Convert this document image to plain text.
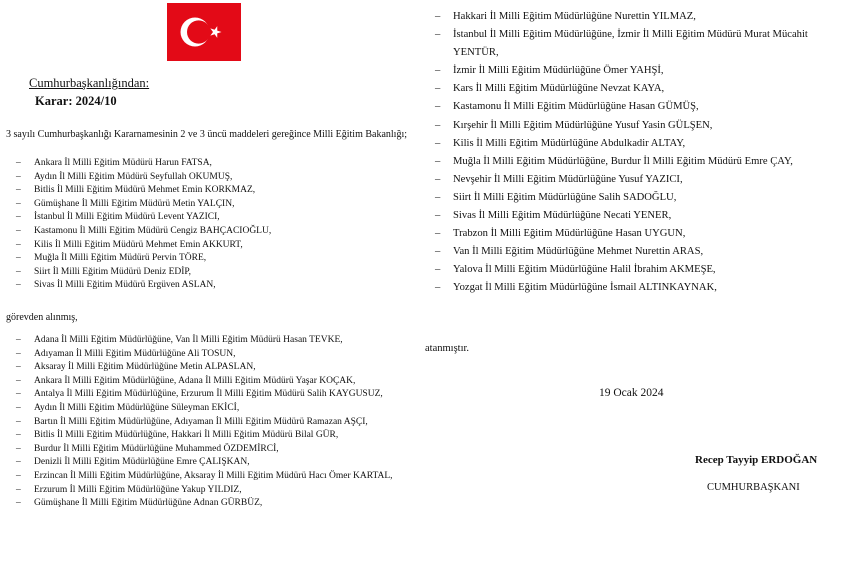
Cumhurbaşkanlığından:
Karar: 2024/10

3 sayılı Cumhurbaşkanlığı Kararnamesinin 2 ve 3 üncü maddeleri gereğince Milli Eğitim Bakanlığı;

– Ankara İl Milli Eğitim Müdürü Harun FATSA,
– Aydın İl Milli Eğitim Müdürü Seyfullah OKUMUŞ,
– Bitlis İl Milli Eğitim Müdürü Mehmet Emin KORKMAZ,
– Gümüşhane İl Milli Eğitim Müdürü Metin YALÇIN,
– İstanbul İl Milli Eğitim Müdürü Levent YAZICI,
– Kastamonu İl Milli Eğitim Müdürü Cengiz BAHÇACIOĞLU,
– Kilis İl Milli Eğitim Müdürü Mehmet Emin AKKURT,
– Muğla İl Milli Eğitim Müdürü Pervin TÖRE,
– Siirt İl Milli Eğitim Müdürü Deniz EDİP,
– Sivas İl Milli Eğitim Müdürü Ergüven ASLAN,

görevden alınmış,

– Adana İl Milli Eğitim Müdürlüğüne, Van İl Milli Eğitim Müdürü Hasan TEVKE,
– Adıyaman İl Milli Eğitim Müdürlüğüne Ali TOSUN,
– Aksaray İl Milli Eğitim Müdürlüğüne Metin ALPASLAN,
– Ankara İl Milli Eğitim Müdürlüğüne, Adana İl Milli Eğitim Müdürü Yaşar KOÇAK,
– Antalya İl Milli Eğitim Müdürlüğüne, Erzurum İl Milli Eğitim Müdürü Salih KAYGUSUZ,
– Aydın İl Milli Eğitim Müdürlüğüne Süleyman EKİCİ,
– Bartın İl Milli Eğitim Müdürlüğüne, Adıyaman İl Milli Eğitim Müdürü Ramazan AŞÇI,
– Bitlis İl Milli Eğitim Müdürlüğüne, Hakkari İl Milli Eğitim Müdürü Bilal GÜR,
– Burdur İl Milli Eğitim Müdürlüğüne Muhammed ÖZDEMİRCİ,
– Denizli İl Milli Eğitim Müdürlüğüne Emre ÇALIŞKAN,
– Erzincan İl Milli Eğitim Müdürlüğüne, Aksaray İl Milli Eğitim Müdürü Hacı Ömer KARTAL,
– Erzurum İl Milli Eğitim Müdürlüğüne Yakup YILDIZ,
– Gümüşhane İl Milli Eğitim Müdürlüğüne Adnan GÜRBÜZ,
– Hakkari İl Milli Eğitim Müdürlüğüne Nurettin YILMAZ,
– İstanbul İl Milli Eğitim Müdürlüğüne, İzmir İl Milli Eğitim Müdürü Murat Mücahit YENTÜR,
– İzmir İl Milli Eğitim Müdürlüğüne Ömer YAHŞİ,
– Kars İl Milli Eğitim Müdürlüğüne Nevzat KAYA,
– Kastamonu İl Milli Eğitim Müdürlüğüne Hasan GÜMÜŞ,
– Kırşehir İl Milli Eğitim Müdürlüğüne Yusuf Yasin GÜLŞEN,
– Kilis İl Milli Eğitim Müdürlüğüne Abdulkadir ALTAY,
– Muğla İl Milli Eğitim Müdürlüğüne, Burdur İl Milli Eğitim Müdürü Emre ÇAY,
– Nevşehir İl Milli Eğitim Müdürlüğüne Yusuf YAZICI,
– Siirt İl Milli Eğitim Müdürlüğüne Salih SADOĞLU,
– Sivas İl Milli Eğitim Müdürlüğüne Necati YENER,
– Trabzon İl Milli Eğitim Müdürlüğüne Hasan UYGUN,
– Van İl Milli Eğitim Müdürlüğüne Mehmet Nurettin ARAS,
– Yalova İl Milli Eğitim Müdürlüğüne Halil İbrahim AKMEŞE,
– Yozgat İl Milli Eğitim Müdürlüğüne İsmail ALTINKAYNAK,

atanmıştır.

19 Ocak 2024

Recep Tayyip ERDOĞAN

CUMHURBAŞKANI
